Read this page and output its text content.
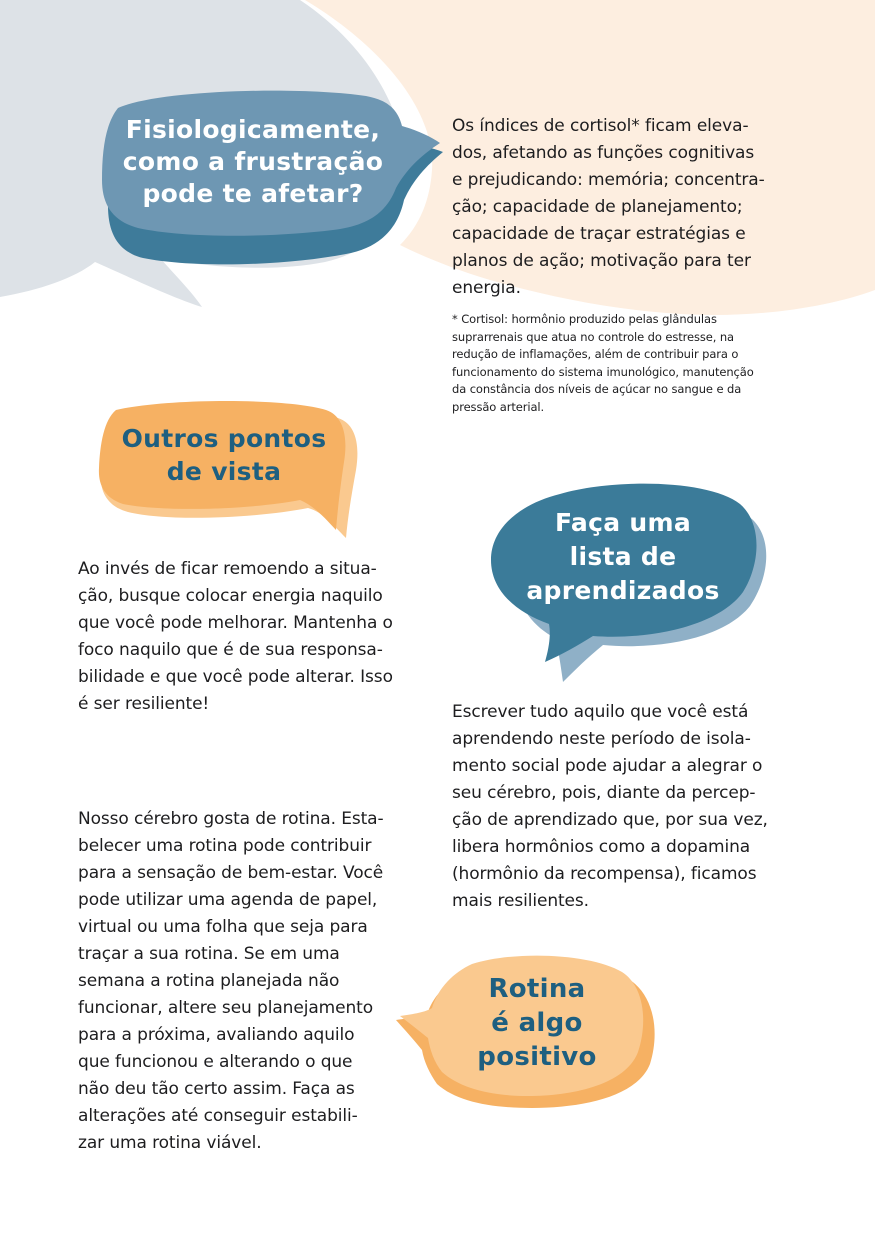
Fisiologicamente,
como a frustração
pode te afetar?

Os índices de cortisol* ficam eleva-
dos, afetando as funções cognitivas
e prejudicando: memória; concentra-
ção; capacidade de planejamento;
capacidade de traçar estratégias e
planos de ação; motivação para ter
energia.

* Cortisol: hormônio produzido pelas glândulas
suprarrenais que atua no controle do estresse, na
redução de inflamações, além de contribuir para o
funcionamento do sistema imunológico, manutenção
da constância dos níveis de açúcar no sangue e da
pressão arterial.

Outros pontos
de vista

Ao invés de ficar remoendo a situa-
ção, busque colocar energia naquilo
que você pode melhorar. Mantenha o
foco naquilo que é de sua responsa-
bilidade e que você pode alterar. Isso
é ser resiliente!

Faça uma
lista de
aprendizados

Escrever tudo aquilo que você está
aprendendo neste período de isola-
mento social pode ajudar a alegrar o
seu cérebro, pois, diante da percep-
ção de aprendizado que, por sua vez,
libera hormônios como a dopamina
(hormônio da recompensa), ficamos
mais resilientes.

Nosso cérebro gosta de rotina. Esta-
belecer uma rotina pode contribuir
para a sensação de bem-estar. Você
pode utilizar uma agenda de papel,
virtual ou uma folha que seja para
traçar a sua rotina. Se em uma
semana a rotina planejada não
funcionar, altere seu planejamento
para a próxima, avaliando aquilo
que funcionou e alterando o que
não deu tão certo assim. Faça as
alterações até conseguir estabili-
zar uma rotina viável.

Rotina
é algo
positivo
